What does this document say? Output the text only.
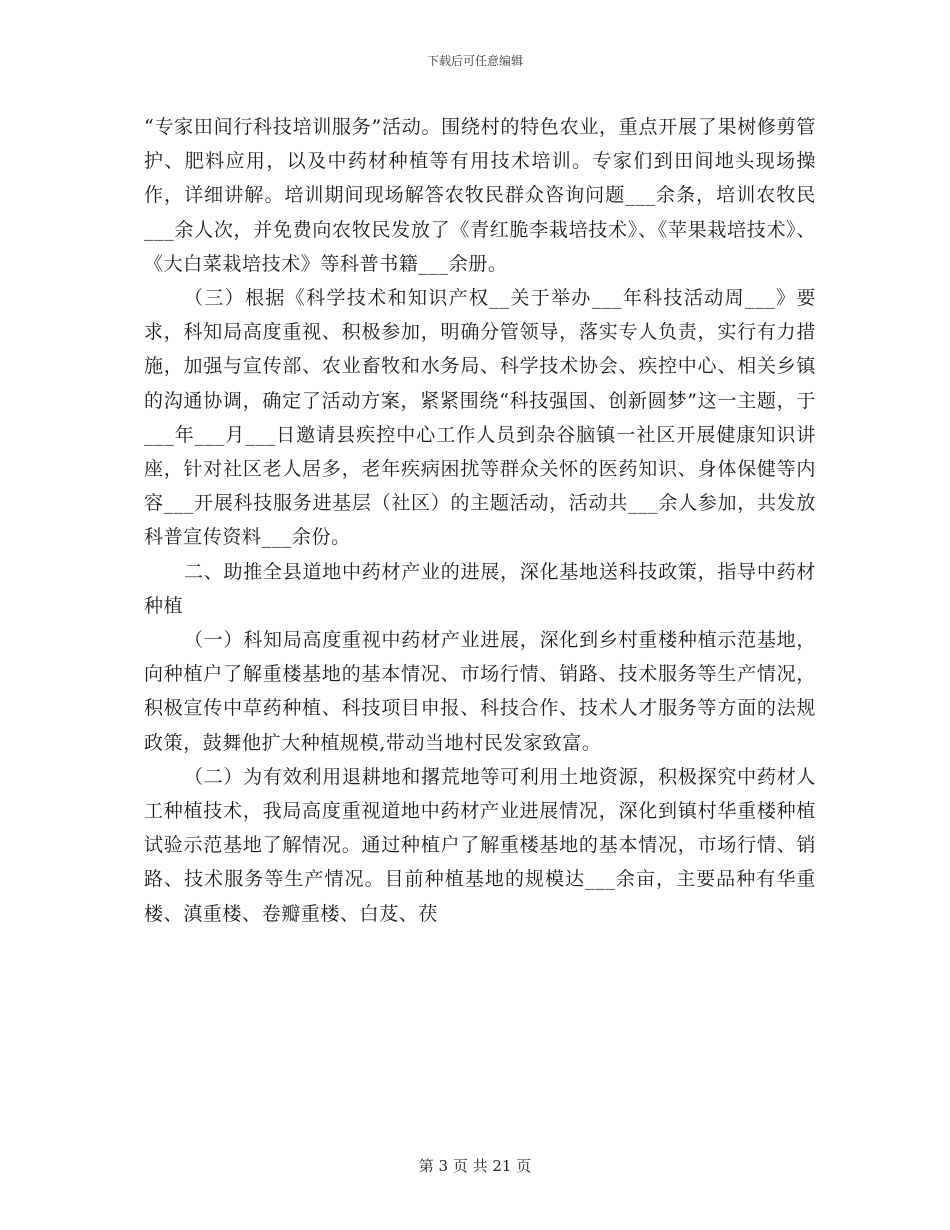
下载后可任意编辑

“专家田间行科技培训服务”活动。围绕村的特色农业，重点开展了果树修剪管护、肥料应用，以及中药材种植等有用技术培训。专家们到田间地头现场操作，详细讲解。培训期间现场解答农牧民群众咨询问题___余条，培训农牧民___余人次，并免费向农牧民发放了《青红脆李栽培技术》、《苹果栽培技术》、《大白菜栽培技术》等科普书籍___余册。

（三）根据《科学技术和知识产权__关于举办___年科技活动周___》要求，科知局高度重视、积极参加，明确分管领导，落实专人负责，实行有力措施，加强与宣传部、农业畜牧和水务局、科学技术协会、疾控中心、相关乡镇的沟通协调，确定了活动方案，紧紧围绕“科技强国、创新圆梦”这一主题，于___年___月___日邀请县疾控中心工作人员到杂谷脑镇一社区开展健康知识讲座，针对社区老人居多，老年疾病困扰等群众关怀的医药知识、身体保健等内容___开展科技服务进基层（社区）的主题活动，活动共___余人参加，共发放科普宣传资料___余份。

二、助推全县道地中药材产业的进展，深化基地送科技政策，指导中药材种植

（一）科知局高度重视中药材产业进展，深化到乡村重楼种植示范基地，向种植户了解重楼基地的基本情况、市场行情、销路、技术服务等生产情况，积极宣传中草药种植、科技项目申报、科技合作、技术人才服务等方面的法规政策，鼓舞他扩大种植规模,带动当地村民发家致富。

（二）为有效利用退耕地和撂荒地等可利用土地资源，积极探究中药材人工种植技术，我局高度重视道地中药材产业进展情况，深化到镇村华重楼种植试验示范基地了解情况。通过种植户了解重楼基地的基本情况，市场行情、销路、技术服务等生产情况。目前种植基地的规模达___余亩，主要品种有华重楼、滇重楼、卷瓣重楼、白芨、茯

第 3 页 共 21 页
